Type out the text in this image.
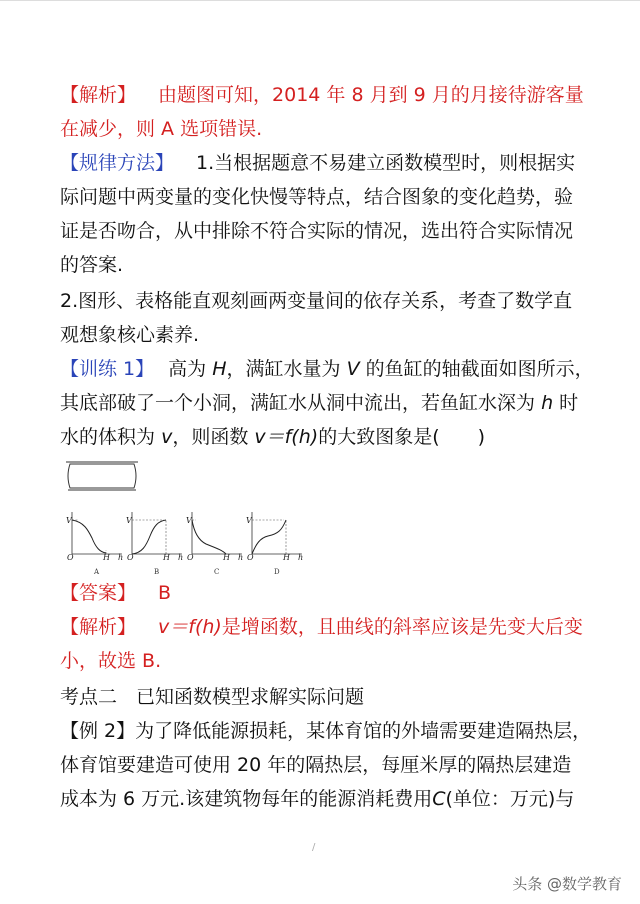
【解析】 由题图可知，2014 年 8 月到 9 月的月接待游客量
在减少，则 A 选项错误.
【规律方法】 1.当根据题意不易建立函数模型时，则根据实
际问题中两变量的变化快慢等特点，结合图象的变化趋势，验
证是否吻合，从中排除不符合实际的情况，选出符合实际情况
的答案.
2.图形、表格能直观刻画两变量间的依存关系，考查了数学直
观想象核心素养.
【训练 1】 高为 H，满缸水量为 V 的鱼缸的轴截面如图所示，
其底部破了一个小洞，满缸水从洞中流出，若鱼缸水深为 h 时
水的体积为 v，则函数 v＝f(h)的大致图象是(　　)
V
O	H h
A
V
O	H h
B
V
O	H h
C
V
O	H h
D
【答案】 B
【解析】 v＝f(h)是增函数，且曲线的斜率应该是先变大后变
小，故选 B.
考点二　已知函数模型求解实际问题
【例 2】为了降低能源损耗，某体育馆的外墙需要建造隔热层，
体育馆要建造可使用 20 年的隔热层，每厘米厚的隔热层建造
成本为 6 万元.该建筑物每年的能源消耗费用C(单位：万元)与
/
头条 @数学教育
